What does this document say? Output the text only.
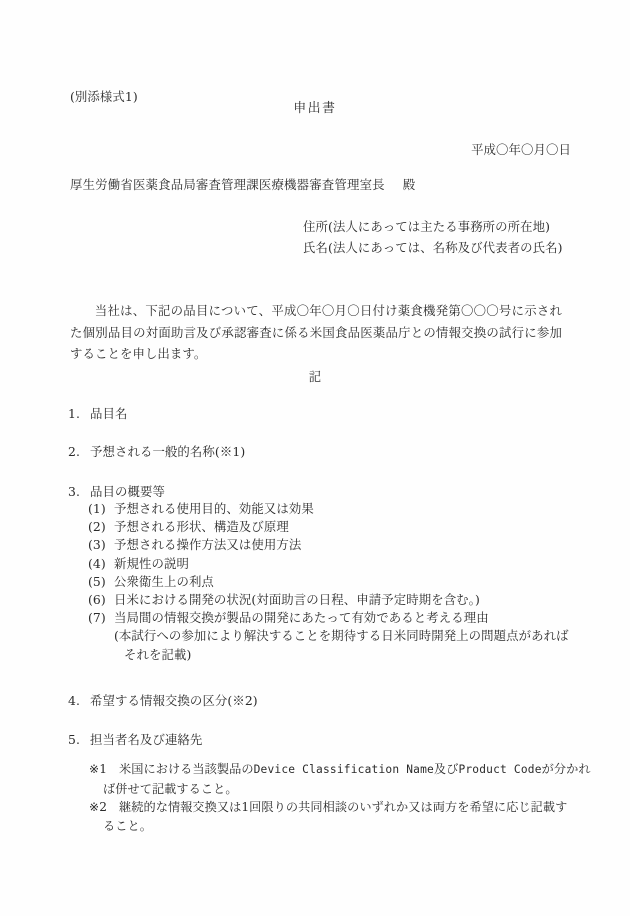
(別添様式1)
申出書
平成〇年〇月〇日
厚生労働省医薬食品局審査管理課医療機器審査管理室長 殿
住所(法人にあっては主たる事務所の所在地)
氏名(法人にあっては、名称及び代表者の氏名)
当社は、下記の品目について、平成〇年〇月〇日付け薬食機発第〇〇〇号に示された個別品目の対面助言及び承認審査に係る米国食品医薬品庁との情報交換の試行に参加することを申し出ます。
記
1. 品目名
2. 予想される一般的名称(※1)
3. 品目の概要等
(1) 予想される使用目的、効能又は効果
(2) 予想される形状、構造及び原理
(3) 予想される操作方法又は使用方法
(4) 新規性の説明
(5) 公衆衛生上の利点
(6) 日米における開発の状況(対面助言の日程、申請予定時期を含む。)
(7) 当局間の情報交換が製品の開発にあたって有効であると考える理由
(本試行への参加により解決することを期待する日米同時開発上の問題点があれば
それを記載)
4. 希望する情報交換の区分(※2)
5. 担当者名及び連絡先
※1 米国における当該製品のDevice Classification Name及びProduct Codeが分かれ
ば併せて記載すること。
※2 継続的な情報交換又は1回限りの共同相談のいずれか又は両方を希望に応じ記載す
ること。
